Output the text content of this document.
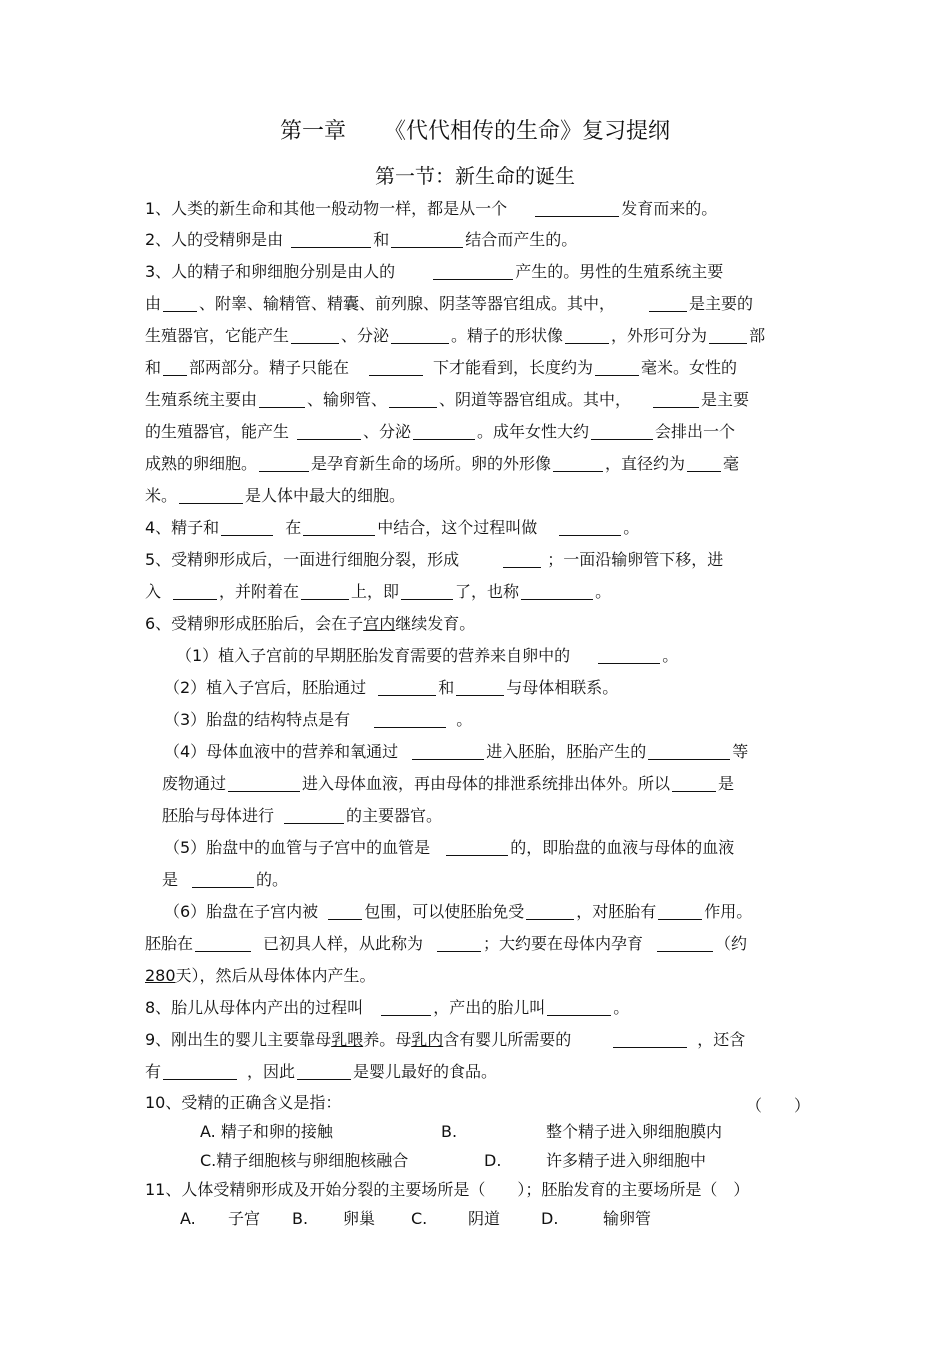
第一章 《代代相传的生命》复习提纲
第一节：新生命的诞生
1、人类的新生命和其他一般动物一样，都是从一个	发育而来的。
2、人的受精卵是由	和	结合而产生的。
3、人的精子和卵细胞分别是由人的	产生的。男性的生殖系统主要
由 、附睾、输精管、精囊、前列腺、阴茎等器官组成。其中，	是主要的
生殖器官，它能产生	、分泌	。精子的形状像	，外形可分为	部
和 部两部分。精子只能在	下才能看到，长度约为	毫米。女性的
生殖系统主要由	、输卵管、	、阴道等器官组成。其中，	是主要
的生殖器官，能产生	、分泌	。成年女性大约	会排出一个
成熟的卵细胞。	是孕育新生命的场所。卵的外形像	，直径约为 毫
米。	是人体中最大的细胞。
4、精子和	在	中结合，这个过程叫做	。
5、受精卵形成后，一面进行细胞分裂，形成	；一面沿输卵管下移，进
入	，并附着在	上，即	了，也称	。
6、受精卵形成胚胎后，会在子宫内继续发育。
（1）植入子宫前的早期胚胎发育需要的营养来自卵中的	。
（2）植入子宫后，胚胎通过	和	与母体相联系。
（3）胎盘的结构特点是有	。
（4）母体血液中的营养和氧通过	进入胚胎，胚胎产生的	等
废物通过	进入母体血液，再由母体的排泄系统排出体外。所以	是
胚胎与母体进行	的主要器官。
（5）胎盘中的血管与子宫中的血管是	的，即胎盘的血液与母体的血液
是	的。
（6）胎盘在子宫内被	包围，可以使胚胎免受	，对胚胎有	作用。
胚胎在	已初具人样，从此称为	；大约要在母体内孕育	（约
280天），然后从母体体内产生。
8、胎儿从母体内产出的过程叫	，产出的胎儿叫	。
9、刚出生的婴儿主要靠母乳喂养。母乳内含有婴儿所需要的	，还含
有	，因此	是婴儿最好的食品。
10、受精的正确含义是指：	（　　）
A. 精子和卵的接触	B.	整个精子进入卵细胞膜内
C.精子细胞核与卵细胞核融合	D.	许多精子进入卵细胞中
11、人体受精卵形成及开始分裂的主要场所是（　　）；胚胎发育的主要场所是（　）
A. 子宫 B. 卵巢 C.	阴道	D.	输卵管
